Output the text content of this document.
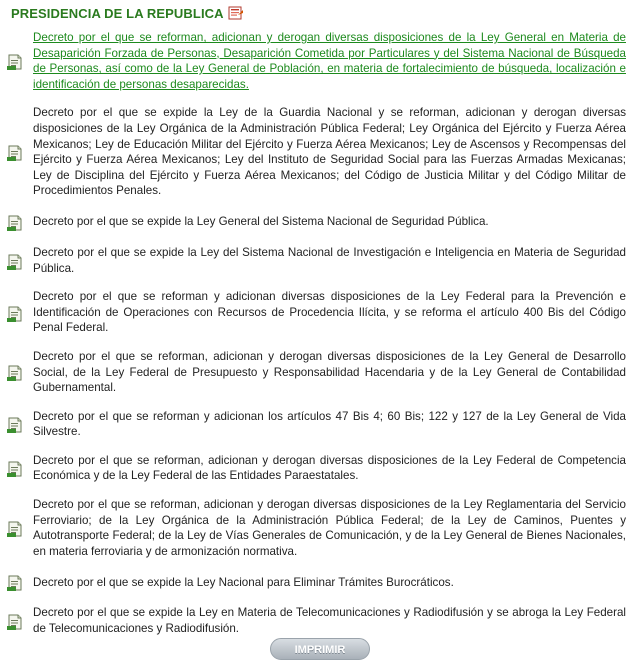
PRESIDENCIA DE LA REPUBLICA
Decreto por el que se reforman, adicionan y derogan diversas disposiciones de la Ley General en Materia de Desaparición Forzada de Personas, Desaparición Cometida por Particulares y del Sistema Nacional de Búsqueda de Personas, así como de la Ley General de Población, en materia de fortalecimiento de búsqueda, localización e identificación de personas desaparecidas.
Decreto por el que se expide la Ley de la Guardia Nacional y se reforman, adicionan y derogan diversas disposiciones de la Ley Orgánica de la Administración Pública Federal; Ley Orgánica del Ejército y Fuerza Aérea Mexicanos; Ley de Educación Militar del Ejército y Fuerza Aérea Mexicanos; Ley de Ascensos y Recompensas del Ejército y Fuerza Aérea Mexicanos; Ley del Instituto de Seguridad Social para las Fuerzas Armadas Mexicanas; Ley de Disciplina del Ejército y Fuerza Aérea Mexicanos; del Código de Justicia Militar y del Código Militar de Procedimientos Penales.
Decreto por el que se expide la Ley General del Sistema Nacional de Seguridad Pública.
Decreto por el que se expide la Ley del Sistema Nacional de Investigación e Inteligencia en Materia de Seguridad Pública.
Decreto por el que se reforman y adicionan diversas disposiciones de la Ley Federal para la Prevención e Identificación de Operaciones con Recursos de Procedencia Ilícita, y se reforma el artículo 400 Bis del Código Penal Federal.
Decreto por el que se reforman, adicionan y derogan diversas disposiciones de la Ley General de Desarrollo Social, de la Ley Federal de Presupuesto y Responsabilidad Hacendaria y de la Ley General de Contabilidad Gubernamental.
Decreto por el que se reforman y adicionan los artículos 47 Bis 4; 60 Bis; 122 y 127 de la Ley General de Vida Silvestre.
Decreto por el que se reforman, adicionan y derogan diversas disposiciones de la Ley Federal de Competencia Económica y de la Ley Federal de las Entidades Paraestatales.
Decreto por el que se reforman, adicionan y derogan diversas disposiciones de la Ley Reglamentaria del Servicio Ferroviario; de la Ley Orgánica de la Administración Pública Federal; de la Ley de Caminos, Puentes y Autotransporte Federal; de la Ley de Vías Generales de Comunicación, y de la Ley General de Bienes Nacionales, en materia ferroviaria y de armonización normativa.
Decreto por el que se expide la Ley Nacional para Eliminar Trámites Burocráticos.
Decreto por el que se expide la Ley en Materia de Telecomunicaciones y Radiodifusión y se abroga la Ley Federal de Telecomunicaciones y Radiodifusión.
IMPRIMIR
